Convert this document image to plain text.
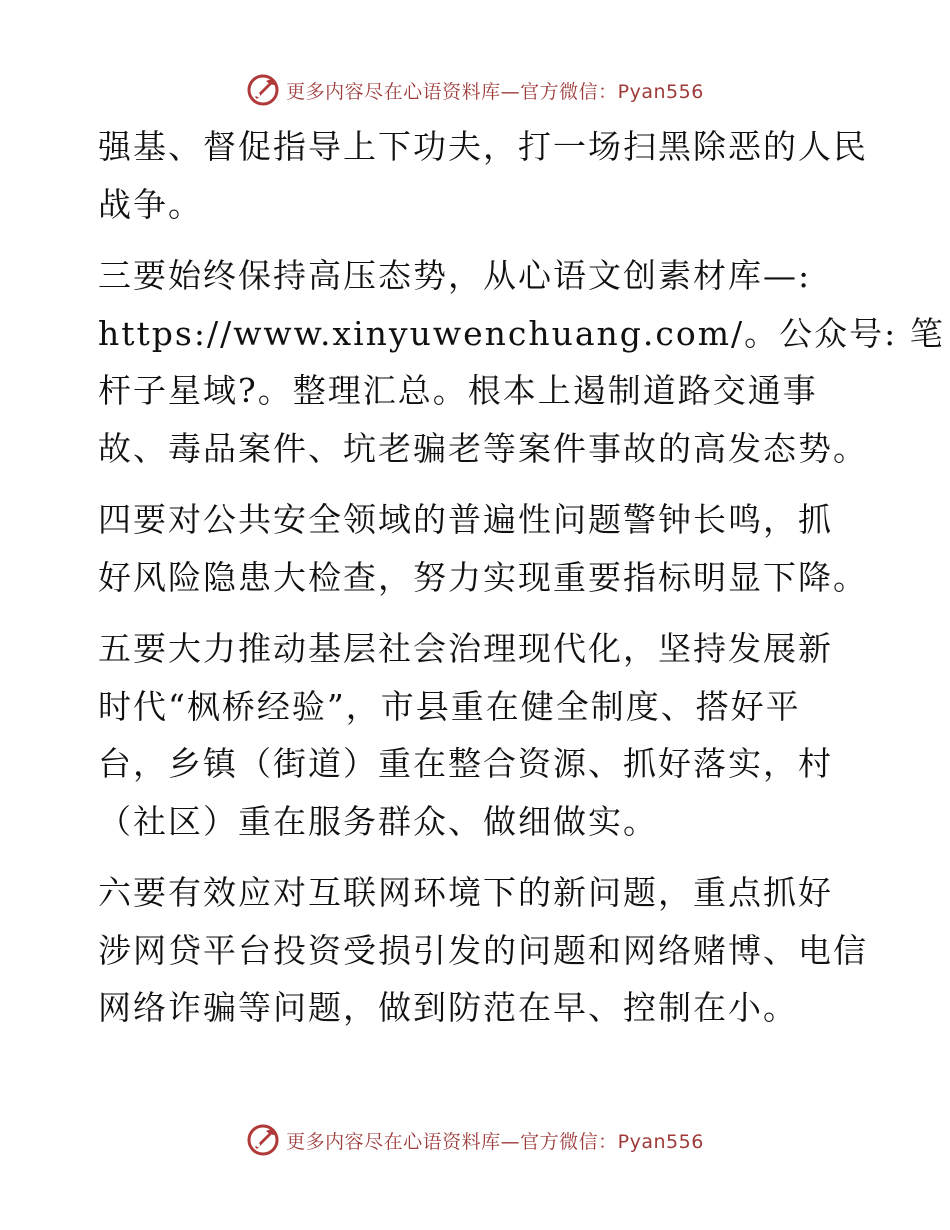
更多内容尽在心语资料库—官方微信：Pyan556

强基、督促指导上下功夫，打一场扫黑除恶的人民
战争。

三要始终保持高压态势，从心语文创素材库—:
https://www.xinyuwenchuang.com/。公众号: 笔
杆子星域?。整理汇总。根本上遏制道路交通事
故、毒品案件、坑老骗老等案件事故的高发态势。

四要对公共安全领域的普遍性问题警钟长鸣，抓
好风险隐患大检查，努力实现重要指标明显下降。

五要大力推动基层社会治理现代化，坚持发展新
时代“枫桥经验”，市县重在健全制度、搭好平
台，乡镇（街道）重在整合资源、抓好落实，村
（社区）重在服务群众、做细做实。

六要有效应对互联网环境下的新问题，重点抓好
涉网贷平台投资受损引发的问题和网络赌博、电信
网络诈骗等问题，做到防范在早、控制在小。

更多内容尽在心语资料库—官方微信：Pyan556
